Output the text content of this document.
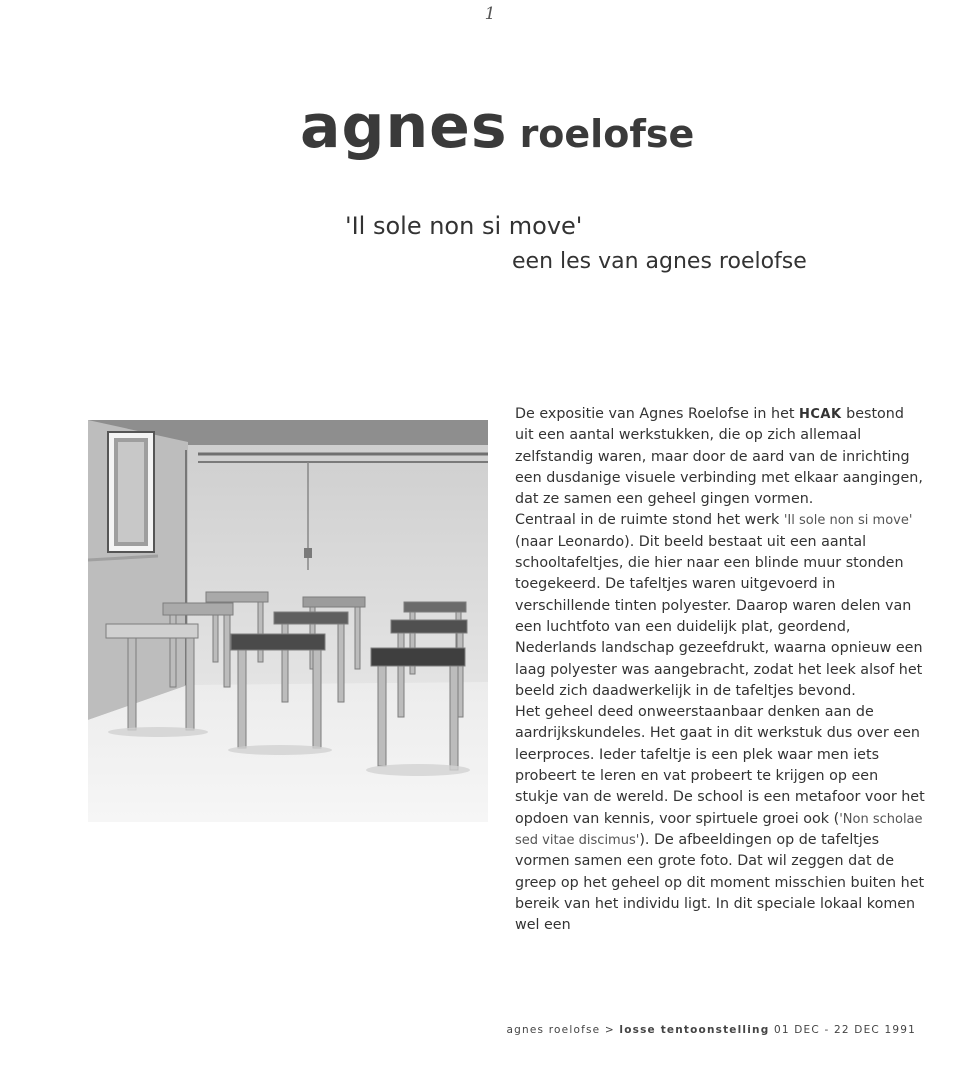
1
agnes roelofse
'Il sole non si move'
een les van agnes roelofse

De expositie van Agnes Roelofse in het HCAK bestond uit een aantal werkstukken, die op zich allemaal zelfstandig waren, maar door de aard van de inrichting een dusdanige visuele verbinding met elkaar aangingen, dat ze samen een geheel gingen vormen.

Centraal in de ruimte stond het werk 'Il sole non si move' (naar Leonardo). Dit beeld bestaat uit een aantal schooltafeltjes, die hier naar een blinde muur stonden toegekeerd. De tafeltjes waren uitgevoerd in verschillende tinten polyester. Daarop waren delen van een luchtfoto van een duidelijk plat, geordend, Nederlands landschap gezeefdrukt, waarna opnieuw een laag polyester was aangebracht, zodat het leek alsof het beeld zich daadwerkelijk in de tafeltjes bevond.

Het geheel deed onweerstaanbaar denken aan de aardrijkskundeles. Het gaat in dit werkstuk dus over een leerproces. Ieder tafeltje is een plek waar men iets probeert te leren en vat probeert te krijgen op een stukje van de wereld. De school is een metafoor voor het opdoen van kennis, voor spirtuele groei ook ('Non scholae sed vitae discimus'). De afbeeldingen op de tafeltjes vormen samen een grote foto. Dat wil zeggen dat de greep op het geheel op dit moment misschien buiten het bereik van het individu ligt. In dit speciale lokaal komen wel een

agnes roelofse > losse tentoonstelling 01 DEC - 22 DEC 1991
